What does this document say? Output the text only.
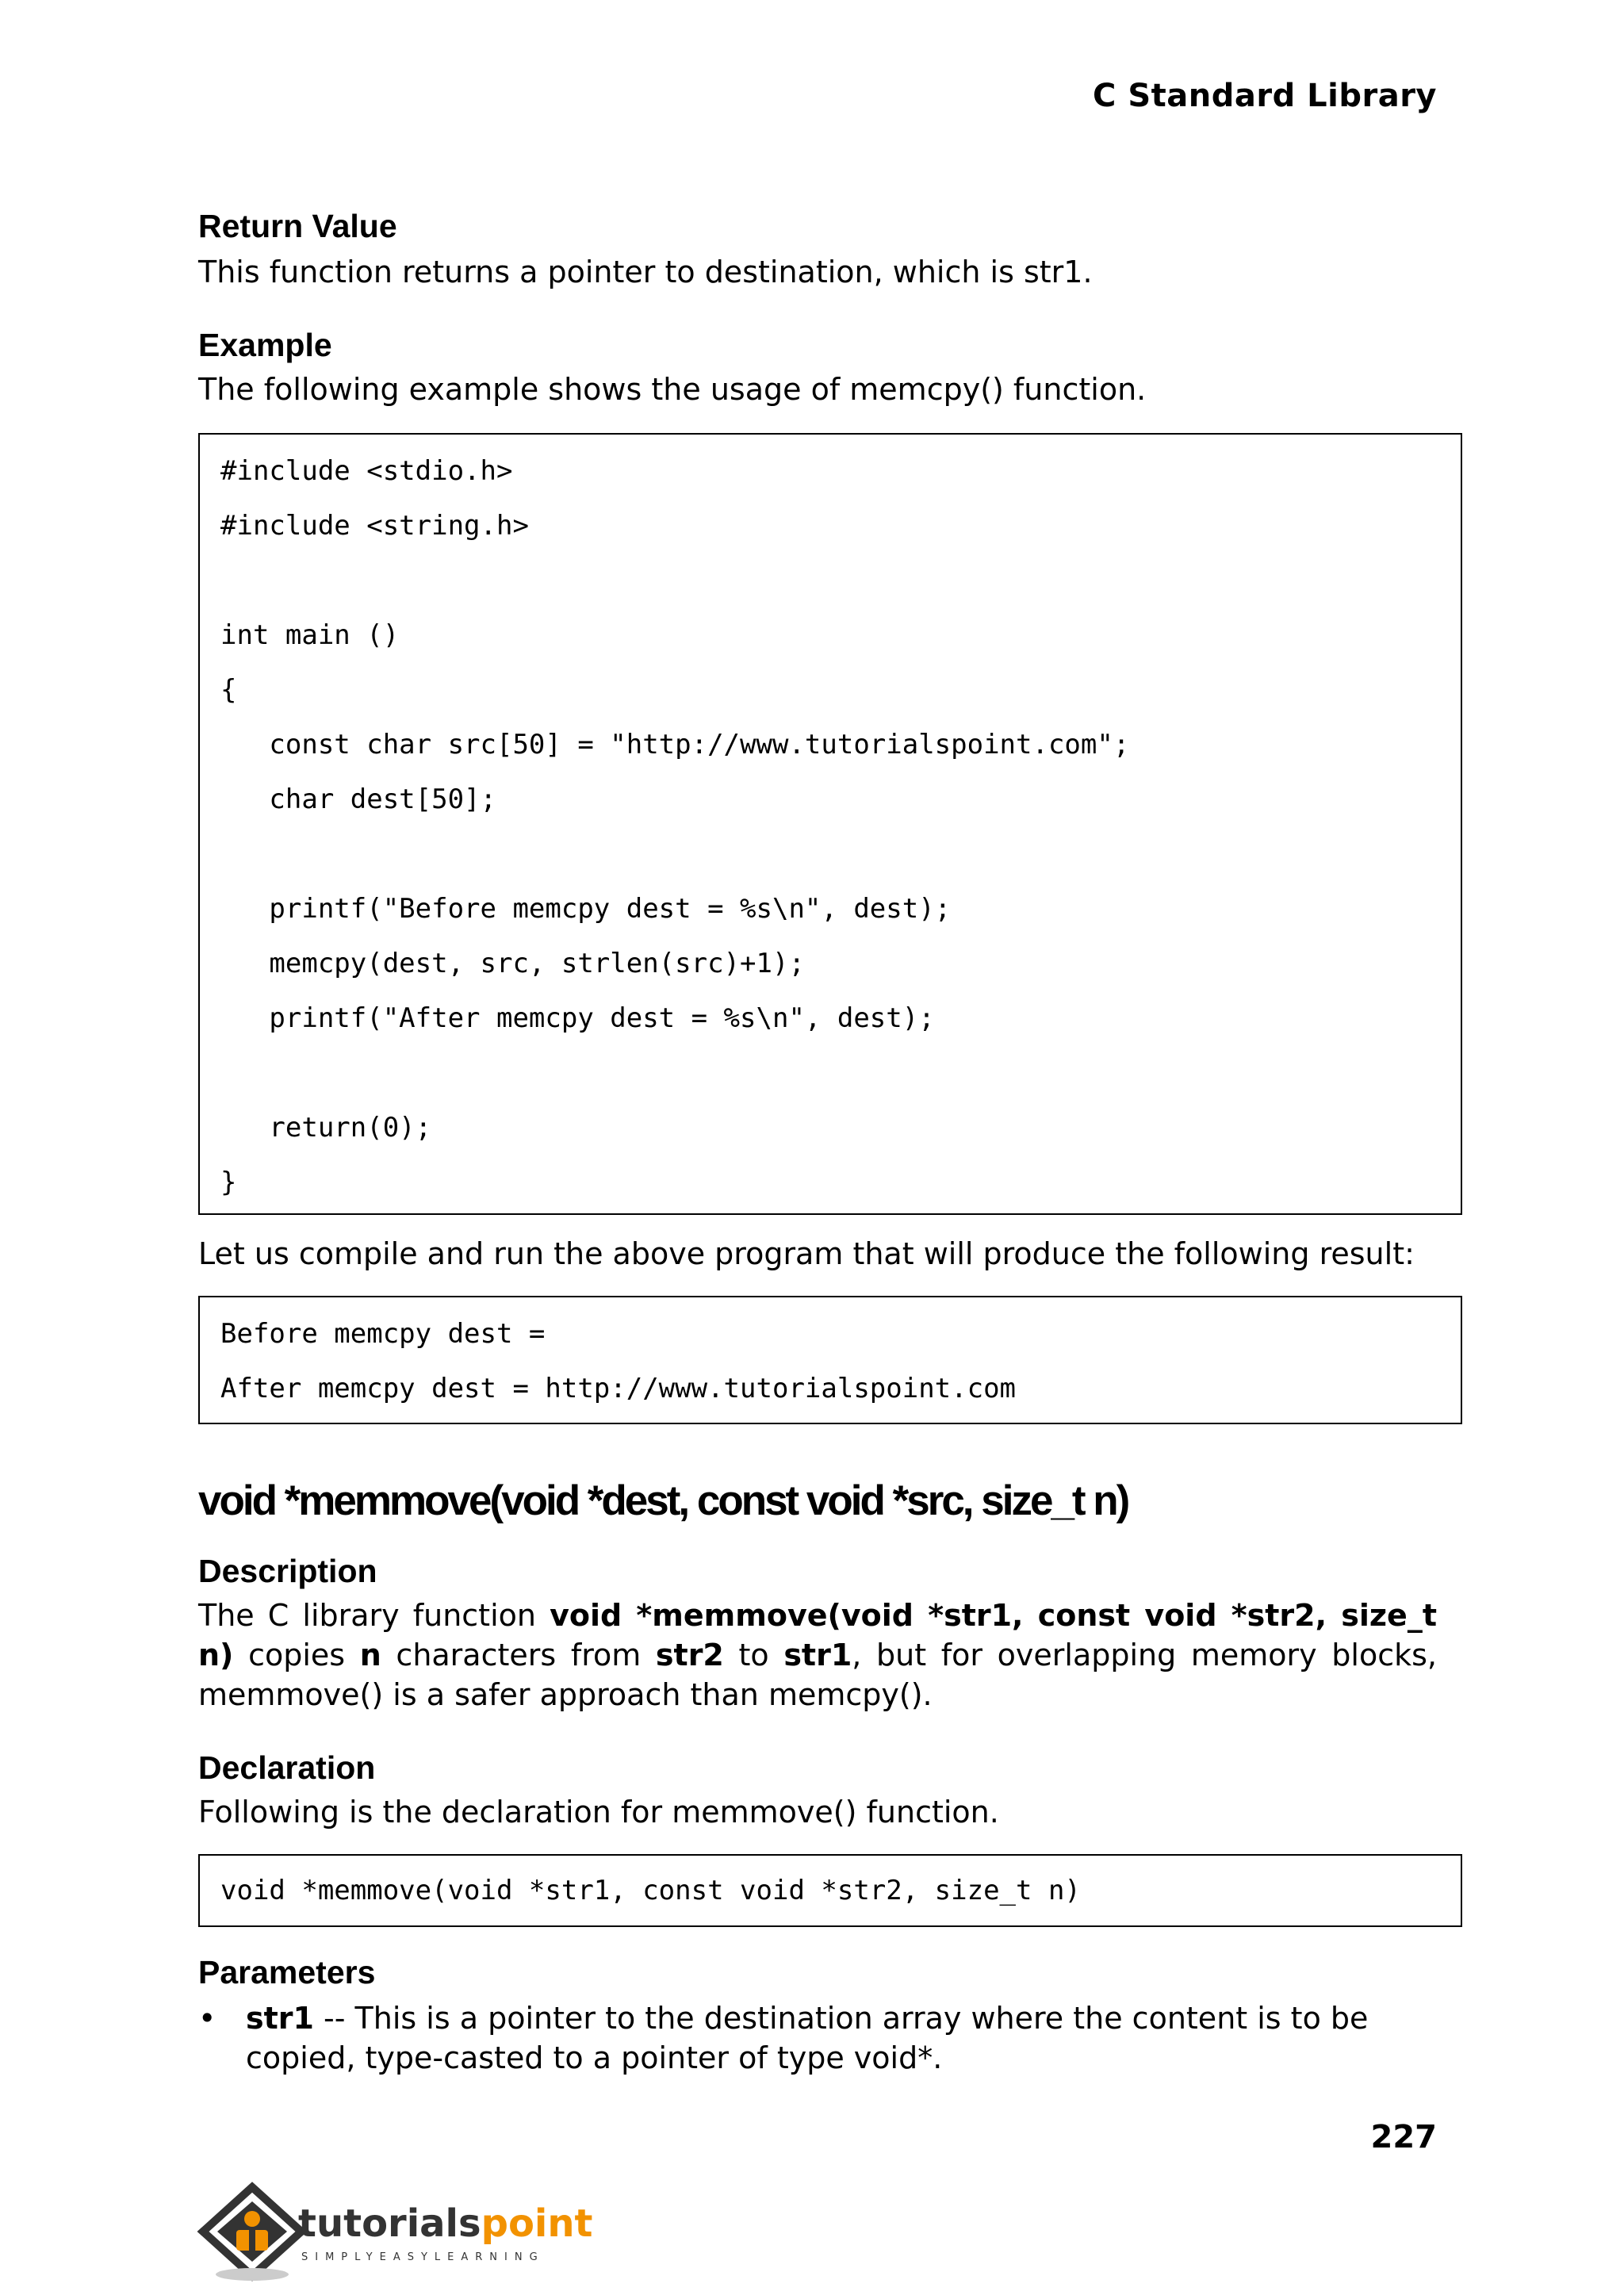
C Standard Library
Return Value
This function returns a pointer to destination, which is str1.
Example
The following example shows the usage of memcpy() function.
#include <stdio.h>
#include <string.h>
int main ()
{
const char src[50] = "http://www.tutorialspoint.com";
char dest[50];
printf("Before memcpy dest = %s\n", dest);
memcpy(dest, src, strlen(src)+1);
printf("After memcpy dest = %s\n", dest);
return(0);
}
Let us compile and run the above program that will produce the following result:
Before memcpy dest =
After memcpy dest = http://www.tutorialspoint.com
void *memmove(void *dest, const void *src, size_t n)
Description
The C library function void *memmove(void *str1, const void *str2, size_t
n) copies n characters from str2 to str1, but for overlapping memory blocks,
memmove() is a safer approach than memcpy().
Declaration
Following is the declaration for memmove() function.
void *memmove(void *str1, const void *str2, size_t n)
Parameters
• str1 -- This is a pointer to the destination array where the content is to be copied, type-casted to a pointer of type void*.
227
tutorialspoint
SIMPLYEASYLEARNING
